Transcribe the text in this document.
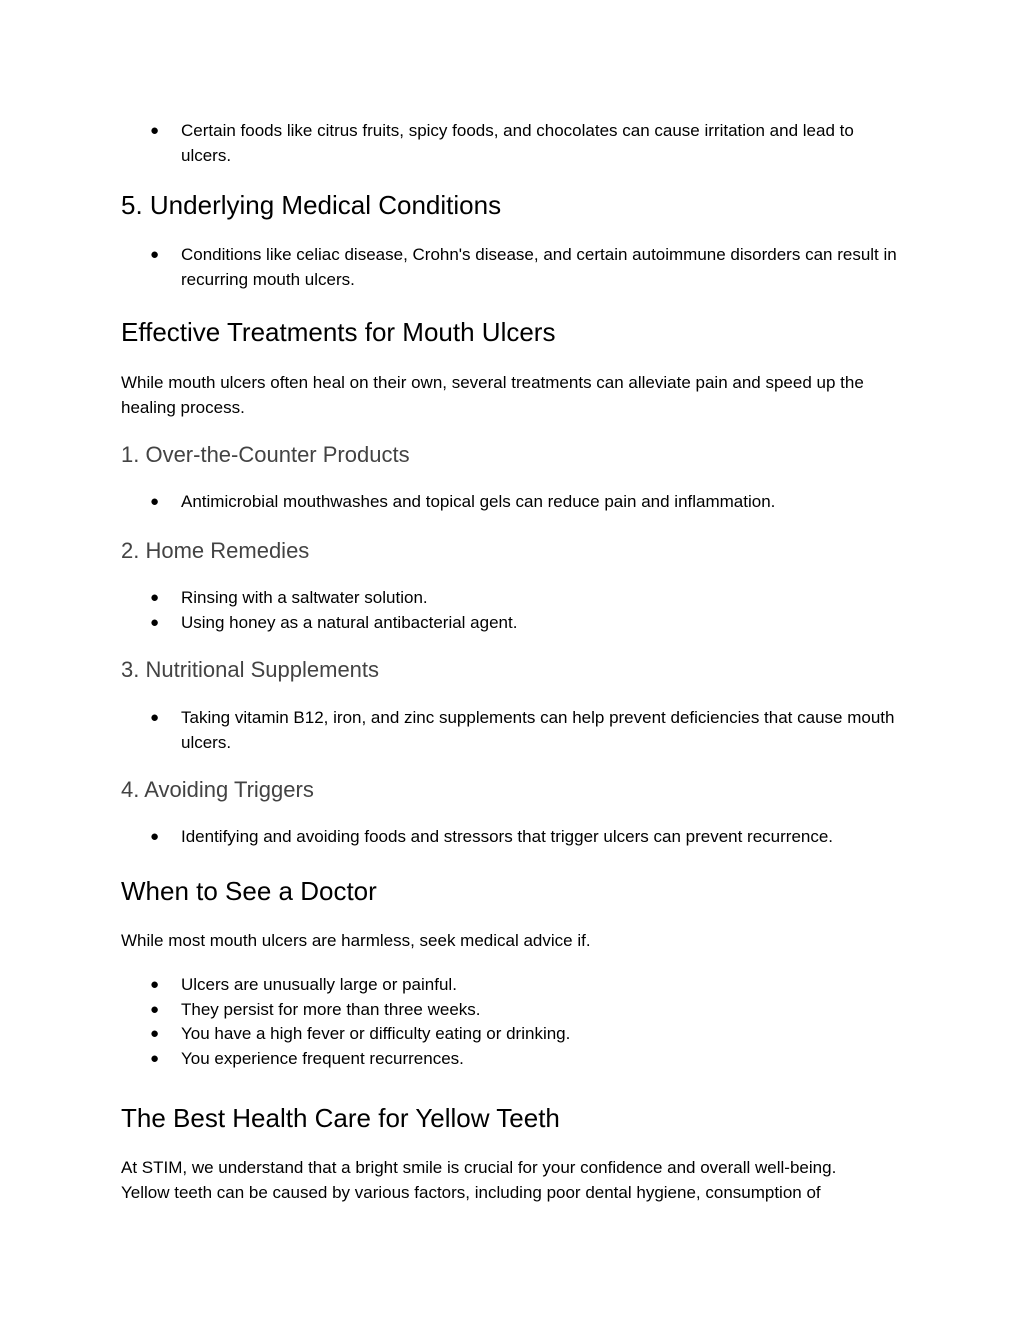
● Certain foods like citrus fruits, spicy foods, and chocolates can cause irritation and lead to ulcers.
5. Underlying Medical Conditions
● Conditions like celiac disease, Crohn's disease, and certain autoimmune disorders can result in recurring mouth ulcers.
Effective Treatments for Mouth Ulcers

While mouth ulcers often heal on their own, several treatments can alleviate pain and speed up the healing process.

1. Over-the-Counter Products
● Antimicrobial mouthwashes and topical gels can reduce pain and inflammation.
2. Home Remedies
● Rinsing with a saltwater solution.
● Using honey as a natural antibacterial agent.
3. Nutritional Supplements
● Taking vitamin B12, iron, and zinc supplements can help prevent deficiencies that cause mouth ulcers.
4. Avoiding Triggers
● Identifying and avoiding foods and stressors that trigger ulcers can prevent recurrence.
When to See a Doctor

While most mouth ulcers are harmless, seek medical advice if.

● Ulcers are unusually large or painful.
● They persist for more than three weeks.
● You have a high fever or difficulty eating or drinking.
● You experience frequent recurrences.
The Best Health Care for Yellow Teeth

At STIM, we understand that a bright smile is crucial for your confidence and overall well-being.
Yellow teeth can be caused by various factors, including poor dental hygiene, consumption of
